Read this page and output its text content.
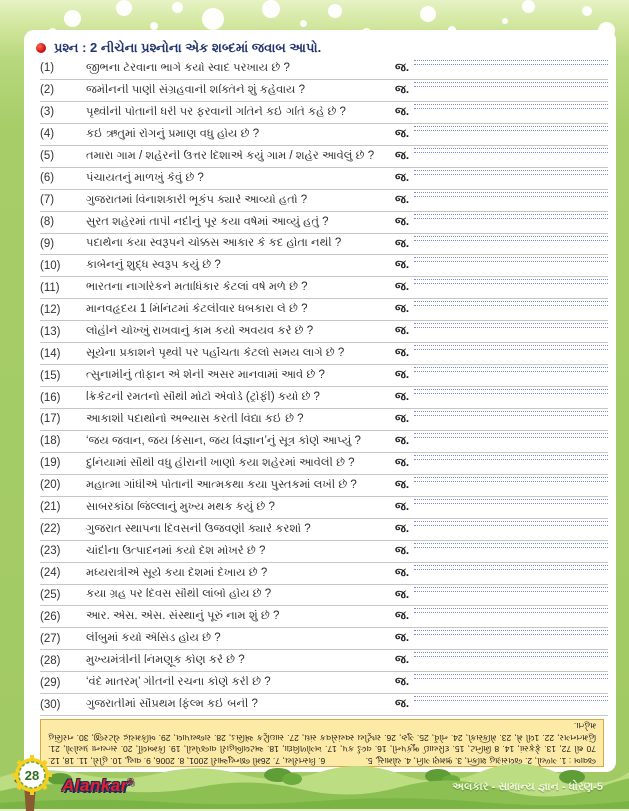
પ્રશ્ન : 2 નીચેના પ્રશ્નોના એક શબ્દમાં જવાબ આપો.
(1)	જીભના ટેરવાના ભાગે કયો સ્વાદ પરખાય છે ?	જ.
(2)	જમીનની પાણી સંગ્રહવાની શક્તિને શું કહેવાય ?	જ.
(3)	પૃથ્વીની પોતાની ધરી પર ફરવાની ગતિને કઈ ગતિ કહે છે ?	જ.
(4)	કઈ ઋતુમાં રોગનું પ્રમાણ વધુ હોય છે ?	જ.
(5)	તમારા ગામ / શહેરની ઉત્તર દિશાએ કયું ગામ / શહેર આવેલું છે ? જ.
(6)	પંચાયતનું માળખું કેવું છે ?	જ.
(7)	ગુજરાતમાં વિનાશકારી ભૂકંપ ક્યારે આવ્યો હતો ?	જ.
(8)	સુરત શહેરમાં તાપી નદીનું પૂર કયા વર્ષમાં આવ્યું હતું ?	જ.
(9)	પદાર્થના કયા સ્વરૂપને ચોક્કસ આકાર કે કદ હોતા નથી ?	જ.
(10)	કાર્બનનું શુદ્ધ સ્વરૂપ કયું છે ?	જ.
(11)	ભારતના નાગરિકને મતાધિકાર કેટલાં વર્ષે મળે છે ?	જ.
(12)	માનવહૃદય 1 મિનિટમાં કેટલીવાર ધબકારા લે છે ?	જ.
(13)	લોહીને ચોખ્ખું રાખવાનું કામ કયો અવયવ કરે છે ?	જ.
(14)	સૂર્યના પ્રકાશને પૃથ્વી પર પહોંચતા કેટલો સમય લાગે છે ?	જ.
(15)	ત્સુનામીનું તોફાન એ શેની અસર માનવામાં આવે છે ?	જ.
(16)	ક્રિકેટની રમતનો સૌથી મોટો એવોર્ડ (ટ્રોફી) કયો છે ?	જ.
(17)	આકાશી પદાર્થોનો અભ્યાસ કરતી વિદ્યા કઈ છે ?	જ.
(18)	‘જય જવાન, જય કિસાન, જય વિજ્ઞાન’નું સૂત્ર કોણે આપ્યું ?	જ.
(19)	દુનિયામાં સૌથી વધુ હીરાની ખાણો કયા શહેરમાં આવેલી છે ?	જ.
(20)	મહાત્મા ગાંધીએ પોતાની આત્મકથા કયા પુસ્તકમાં લખી છે ?	જ.
(21)	સાબરકાંઠા જિલ્લાનું મુખ્ય મથક કયું છે ?	જ.
(22)	ગુજરાત સ્થાપના દિવસની ઉજવણી ક્યારે કરશો ?	જ.
(23)	ચાંદીના ઉત્પાદનમાં કયો દેશ મોખરે છે ?	જ.
(24)	મધ્યરાત્રીએ સૂર્ય કયા દેશમાં દેખાય છે ?	જ.
(25)	કયા ગ્રહ પર દિવસ સૌથી લાંબો હોય છે ?	જ.
(26)	આર. એસ. એસ. સંસ્થાનું પૂરું નામ શું છે ?	જ.
(27)	લીંબુમાં કયો ઍસિડ હોય છે ?	જ.
(28)	મુખ્યમંત્રીની નિમણૂક કોણ કરે છે ?	જ.
(29)	‘વંદે માતરમ્’ ગીતની રચના કોણે કરી છે ?	જ.
(30)	ગુજરાતીમાં સૌપ્રથમ ફિલ્મ કઈ બની ?	જ.
જવાબ : 1. ગળ્યો, 2. જલસંગ્રહ શક્તિ, 3. ભ્રમણ ગતિ, 4. ચોમાસું, 5.                6. ત્રિસ્તરીય, 7. 26મી જાન્યુઆરી 2001, 8. 2006, 9. વાયુ, 10. હીરો, 11. 18, 12. 70 થી 72, 13. ફેફસાં, 14. 8 મિનિટ, 15. દરિયાઈ ભૂકંપની, 16. વર્લ્ડ કપ, 17. ખગોળવિદ્યા, 18. અટલબિહારી વાજપેયી, 19. કિમ્બર્લી, 20. સત્યના પ્રયોગો, 21. હિંમતનગર, 22. 1લી મે, 23. મેક્સિકો, 24. નોર્વે, 25. ગુરુ, 26. રાષ્ટ્રીય સ્વયંસેવક સંઘ, 27. સાઇટ્રિક ઍસિડ, 28. રાજ્યપાલ, 29. બંકિમચંદ્ર ચેટરજી, 30. નરસિંહ મહેતા.
28
Alankar®	અલંકાર - સામાન્ય જ્ઞાન - ધોરણ-5
